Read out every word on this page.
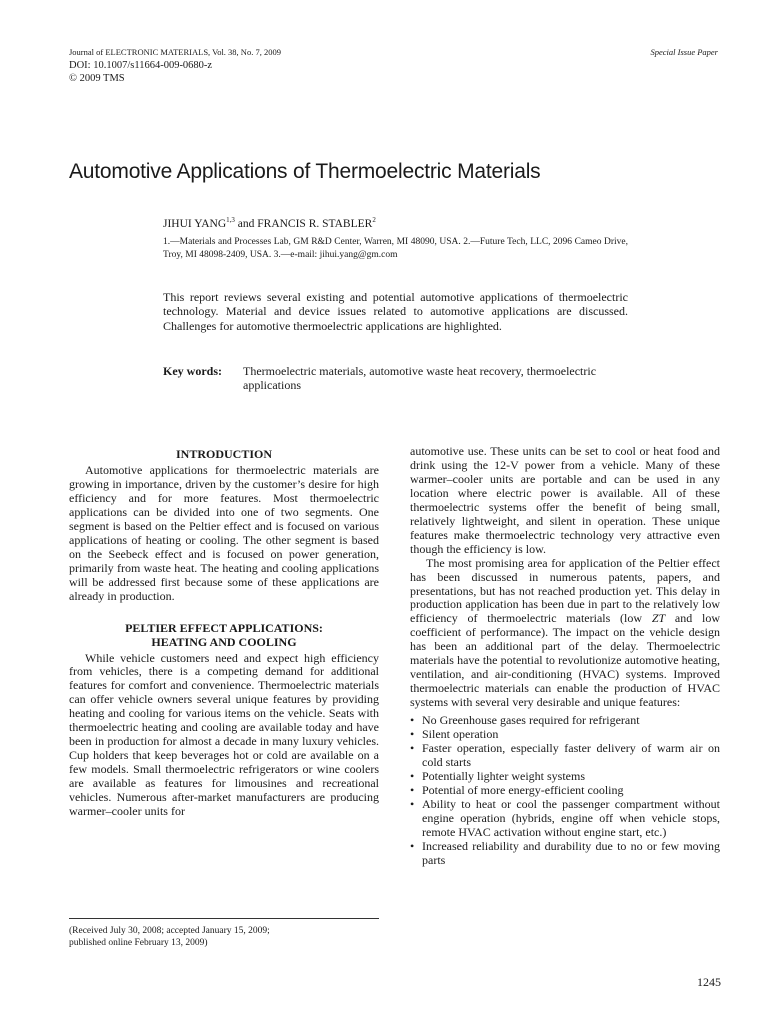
Journal of ELECTRONIC MATERIALS, Vol. 38, No. 7, 2009
DOI: 10.1007/s11664-009-0680-z
© 2009 TMS
Special Issue Paper
Automotive Applications of Thermoelectric Materials
JIHUI YANG$^{1,3}$ and FRANCIS R. STABLER$^2$
1.—Materials and Processes Lab, GM R&D Center, Warren, MI 48090, USA. 2.—Future Tech, LLC, 2096 Cameo Drive, Troy, MI 48098-2409, USA. 3.—e-mail: jihui.yang@gm.com
This report reviews several existing and potential automotive applications of thermoelectric technology. Material and device issues related to automotive applications are discussed. Challenges for automotive thermoelectric applications are highlighted.
Key words: Thermoelectric materials, automotive waste heat recovery, thermoelectric applications
INTRODUCTION

Automotive applications for thermoelectric materials are growing in importance, driven by the customer’s desire for high efficiency and for more features. Most thermoelectric applications can be divided into one of two segments. One segment is based on the Peltier effect and is focused on various applications of heating or cooling. The other segment is based on the Seebeck effect and is focused on power generation, primarily from waste heat. The heating and cooling applications will be addressed first because some of these applications are already in production.

PELTIER EFFECT APPLICATIONS:
HEATING AND COOLING

While vehicle customers need and expect high efficiency from vehicles, there is a competing demand for additional features for comfort and convenience. Thermoelectric materials can offer vehicle owners several unique features by providing heating and cooling for various items on the vehicle. Seats with thermoelectric heating and cooling are available today and have been in production for almost a decade in many luxury vehicles. Cup holders that keep beverages hot or cold are available on a few models. Small thermoelectric refrigerators or wine coolers are available as features for limousines and recreational vehicles. Numerous after-market manufacturers are producing warmer–cooler units for

automotive use. These units can be set to cool or heat food and drink using the 12-V power from a vehicle. Many of these warmer–cooler units are portable and can be used in any location where electric power is available. All of these thermoelectric systems offer the benefit of being small, relatively lightweight, and silent in operation. These unique features make thermoelectric technology very attractive even though the efficiency is low.

The most promising area for application of the Peltier effect has been discussed in numerous patents, papers, and presentations, but has not reached production yet. This delay in production application has been due in part to the relatively low efficiency of thermoelectric materials (low ZT and low coefficient of performance). The impact on the vehicle design has been an additional part of the delay. Thermoelectric materials have the potential to revolutionize automotive heating, ventilation, and air-conditioning (HVAC) systems. Improved thermoelectric materials can enable the production of HVAC systems with several very desirable and unique features:

• No Greenhouse gases required for refrigerant
• Silent operation
• Faster operation, especially faster delivery of warm air on cold starts
• Potentially lighter weight systems
• Potential of more energy-efficient cooling
• Ability to heat or cool the passenger compartment without engine operation (hybrids, engine off when vehicle stops, remote HVAC activation without engine start, etc.)
• Increased reliability and durability due to no or few moving parts
(Received July 30, 2008; accepted January 15, 2009;
published online February 13, 2009)
1245
